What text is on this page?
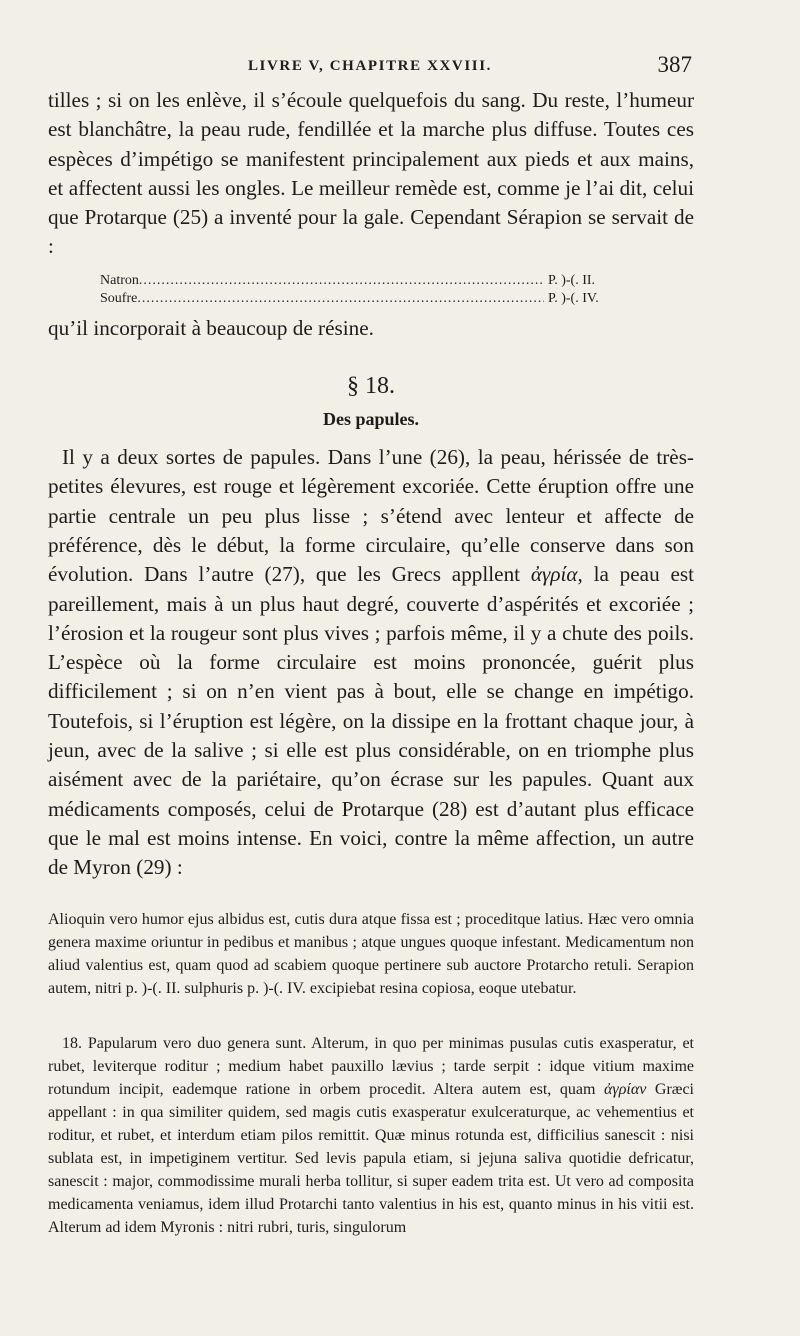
LIVRE V, CHAPITRE XXVIII.	387

tilles ; si on les enlève, il s’écoule quelquefois du sang. Du reste, l’humeur est blanchâtre, la peau rude, fendillée et la marche plus diffuse. Toutes ces espèces d’impétigo se manifestent principalement aux pieds et aux mains, et affectent aussi les ongles. Le meilleur remède est, comme je l’ai dit, celui que Protarque (25) a inventé pour la gale. Cependant Sérapion se servait de :

Natron .....	P. )-(. II.
Soufre .....	P. )-(. IV.

qu’il incorporait à beaucoup de résine.

§ 18.
Des papules.

Il y a deux sortes de papules. Dans l’une (26), la peau, hérissée de très-petites élevures, est rouge et légèrement excoriée. Cette éruption offre une partie centrale un peu plus lisse ; s’étend avec lenteur et affecte de préférence, dès le début, la forme circulaire, qu’elle conserve dans son évolution. Dans l’autre (27), que les Grecs appllent ἀγρία, la peau est pareillement, mais à un plus haut degré, couverte d’aspérités et excoriée ; l’érosion et la rougeur sont plus vives ; parfois même, il y a chute des poils. L’espèce où la forme circulaire est moins prononcée, guérit plus difficilement ; si on n’en vient pas à bout, elle se change en impétigo. Toutefois, si l’éruption est légère, on la dissipe en la frottant chaque jour, à jeun, avec de la salive ; si elle est plus considérable, on en triomphe plus aisément avec de la pariétaire, qu’on écrase sur les papules. Quant aux médicaments composés, celui de Protarque (28) est d’autant plus efficace que le mal est moins intense. En voici, contre la même affection, un autre de Myron (29) :

Alioquin vero humor ejus albidus est, cutis dura atque fissa est ; proceditque latius. Hæc vero omnia genera maxime oriuntur in pedibus et manibus ; atque ungues quoque infestant. Medicamentum non aliud valentius est, quam quod ad scabiem quoque pertinere sub auctore Protarcho retuli. Serapion autem, nitri p. )-(. II. sulphuris p. )-(. IV. excipiebat resina copiosa, eoque utebatur.

18. Papularum vero duo genera sunt. Alterum, in quo per minimas pusulas cutis exasperatur, et rubet, leviterque roditur ; medium habet pauxillo lævius ; tarde serpit : idque vitium maxime rotundum incipit, eademque ratione in orbem procedit. Altera autem est, quam ἀγρίαν Græci appellant : in qua similiter quidem, sed magis cutis exasperatur exulceraturque, ac vehementius et roditur, et rubet, et interdum etiam pilos remittit. Quæ minus rotunda est, difficilius sanescit : nisi sublata est, in impetiginem vertitur. Sed levis papula etiam, si jejuna saliva quotidie defricatur, sanescit : major, commodissime murali herba tollitur, si super eadem trita est. Ut vero ad composita medicamenta veniamus, idem illud Protarchi tanto valentius in his est, quanto minus in his vitii est. Alterum ad idem Myronis : nitri rubri, turis, singulorum
